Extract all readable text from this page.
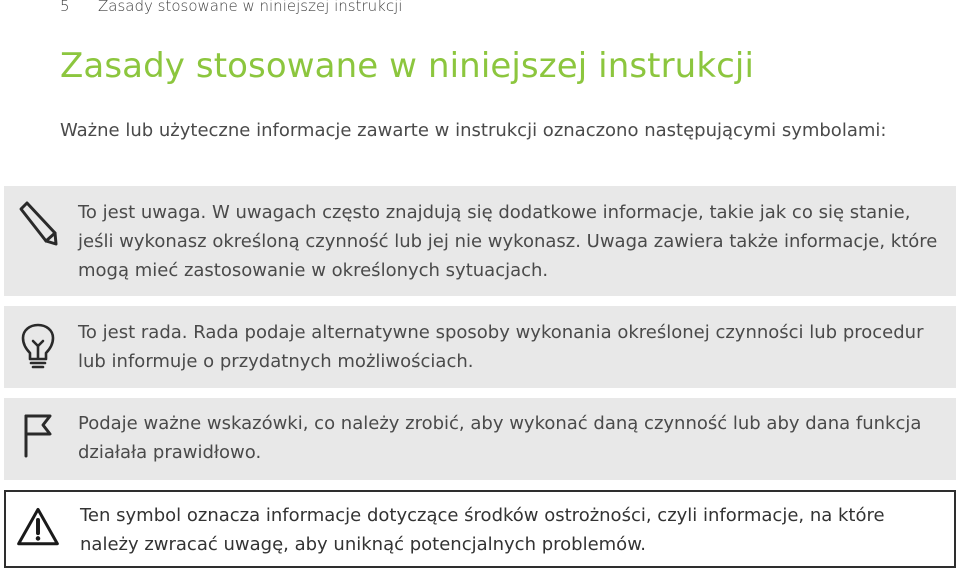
5 Zasady stosowane w niniejszej instrukcji
Zasady stosowane w niniejszej instrukcji

Ważne lub użyteczne informacje zawarte w instrukcji oznaczono następującymi symbolami:

To jest uwaga. W uwagach często znajdują się dodatkowe informacje, takie jak co się stanie, jeśli wykonasz określoną czynność lub jej nie wykonasz. Uwaga zawiera także informacje, które mogą mieć zastosowanie w określonych sytuacjach.

To jest rada. Rada podaje alternatywne sposoby wykonania określonej czynności lub procedur lub informuje o przydatnych możliwościach.

Podaje ważne wskazówki, co należy zrobić, aby wykonać daną czynność lub aby dana funkcja działała prawidłowo.

Ten symbol oznacza informacje dotyczące środków ostrożności, czyli informacje, na które należy zwracać uwagę, aby uniknąć potencjalnych problemów.
